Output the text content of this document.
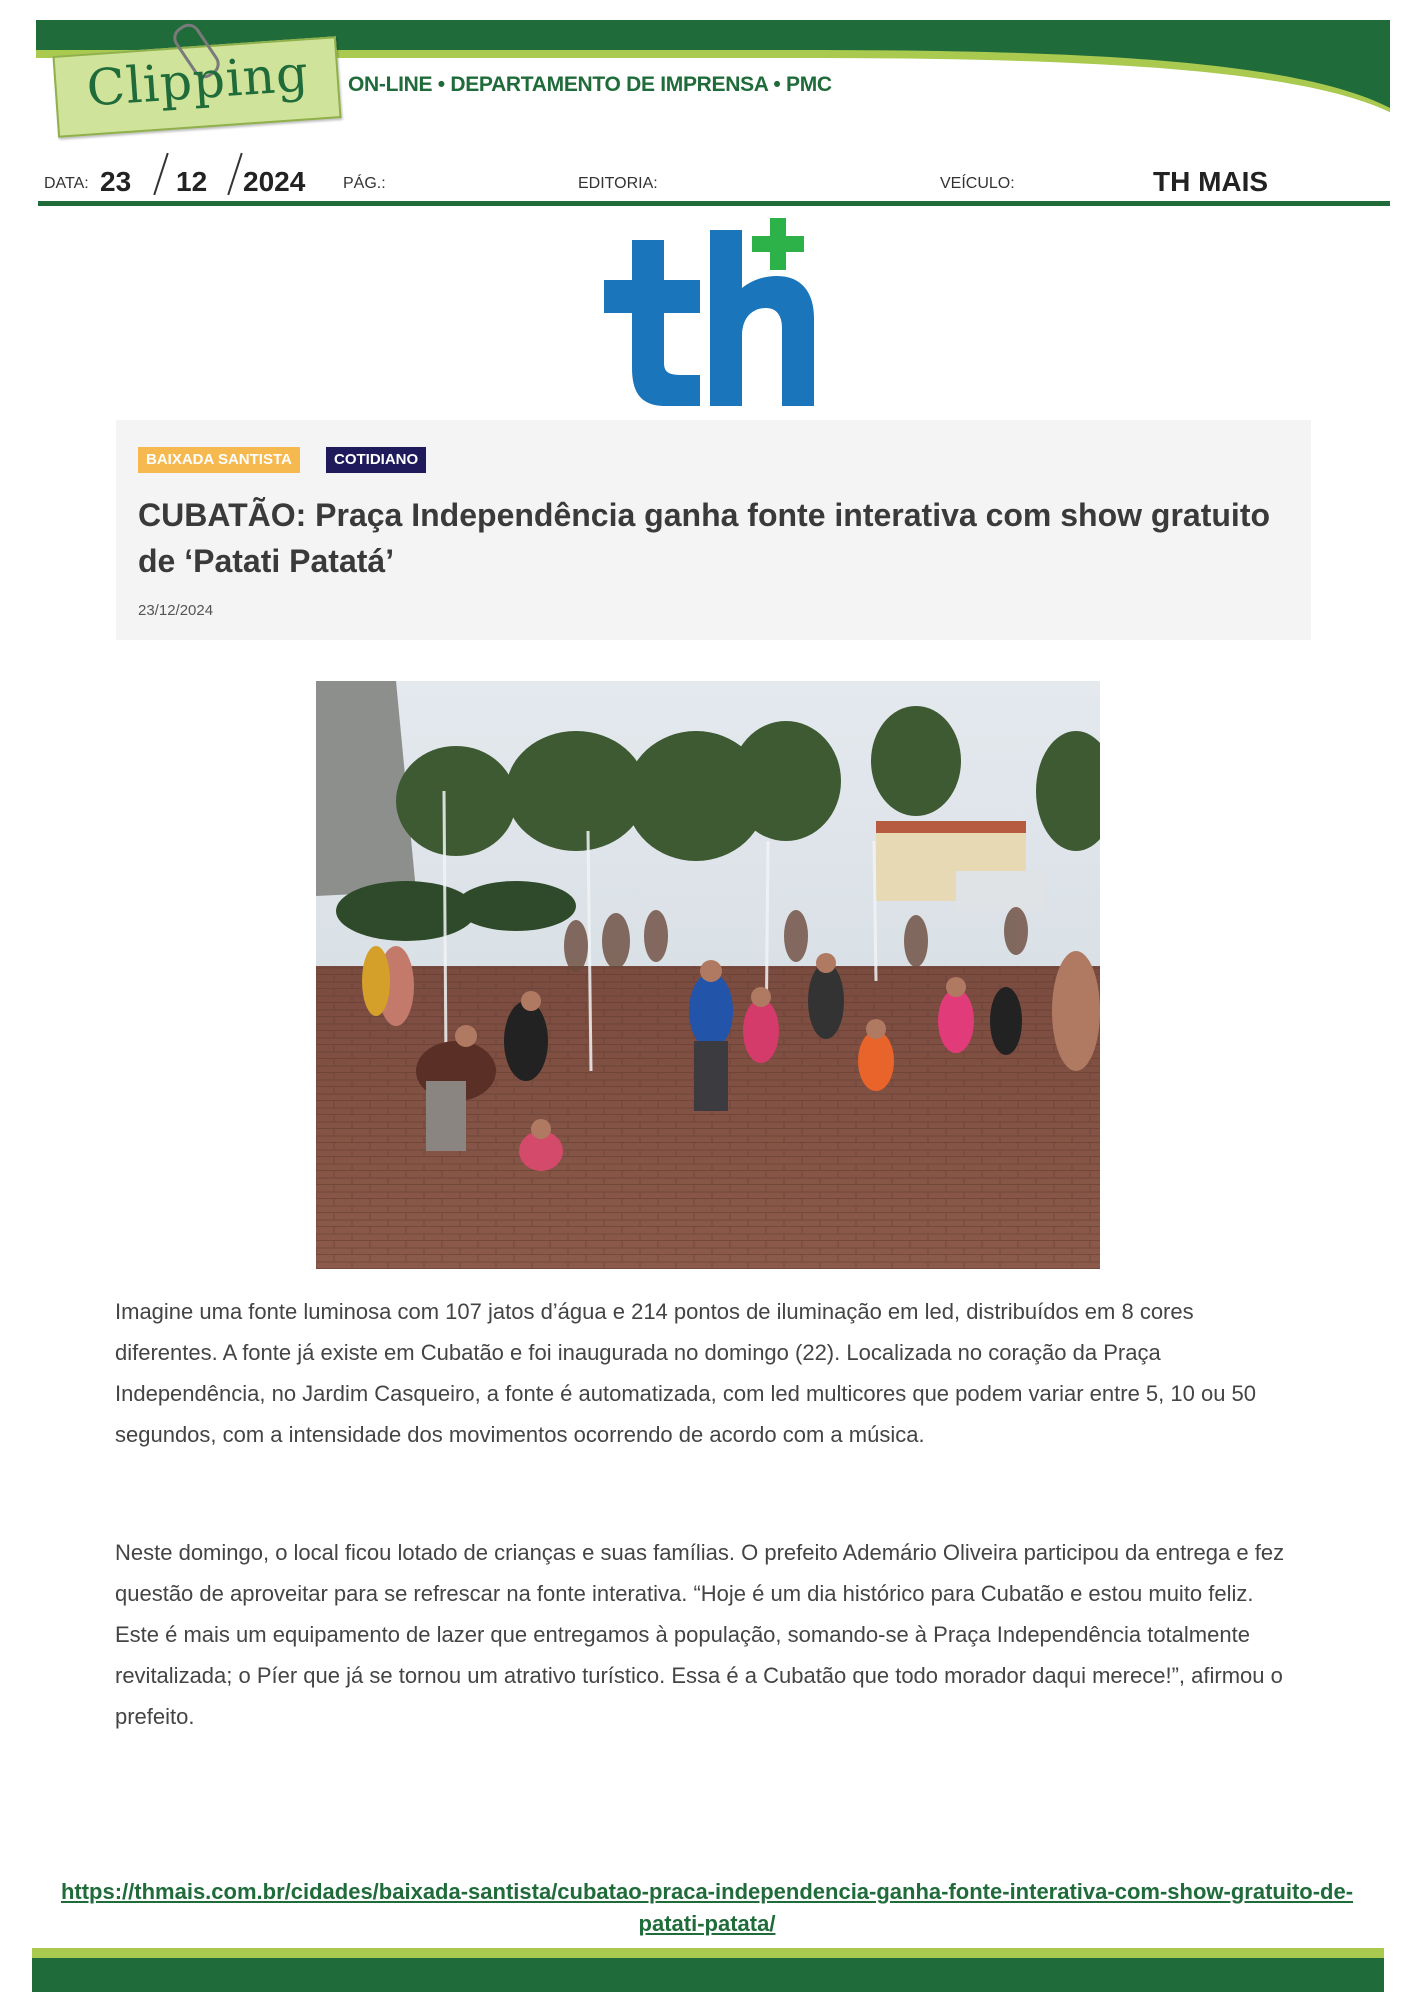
Clipping ON-LINE • DEPARTAMENTO DE IMPRENSA • PMC
DATA: 23 12 2024 PÁG.:	EDITORIA:	VEÍCULO:	TH MAIS
BAIXADA SANTISTA	COTIDIANO
CUBATÃO: Praça Independência ganha fonte interativa com show gratuito de ‘Patati Patatá’
23/12/2024
Imagine uma fonte luminosa com 107 jatos d’água e 214 pontos de iluminação em led, distribuídos em 8 cores diferentes. A fonte já existe em Cubatão e foi inaugurada no domingo (22). Localizada no coração da Praça Independência, no Jardim Casqueiro, a fonte é automatizada, com led multicores que podem variar entre 5, 10 ou 50 segundos, com a intensidade dos movimentos ocorrendo de acordo com a música.
Neste domingo, o local ficou lotado de crianças e suas famílias. O prefeito Ademário Oliveira participou da entrega e fez questão de aproveitar para se refrescar na fonte interativa. “Hoje é um dia histórico para Cubatão e estou muito feliz. Este é mais um equipamento de lazer que entregamos à população, somando-se à Praça Independência totalmente revitalizada; o Píer que já se tornou um atrativo turístico. Essa é a Cubatão que todo morador daqui merece!”, afirmou o prefeito.
https://thmais.com.br/cidades/baixada-santista/cubatao-praca-independencia-ganha-fonte-interativa-com-show-gratuito-de-patati-patata/
